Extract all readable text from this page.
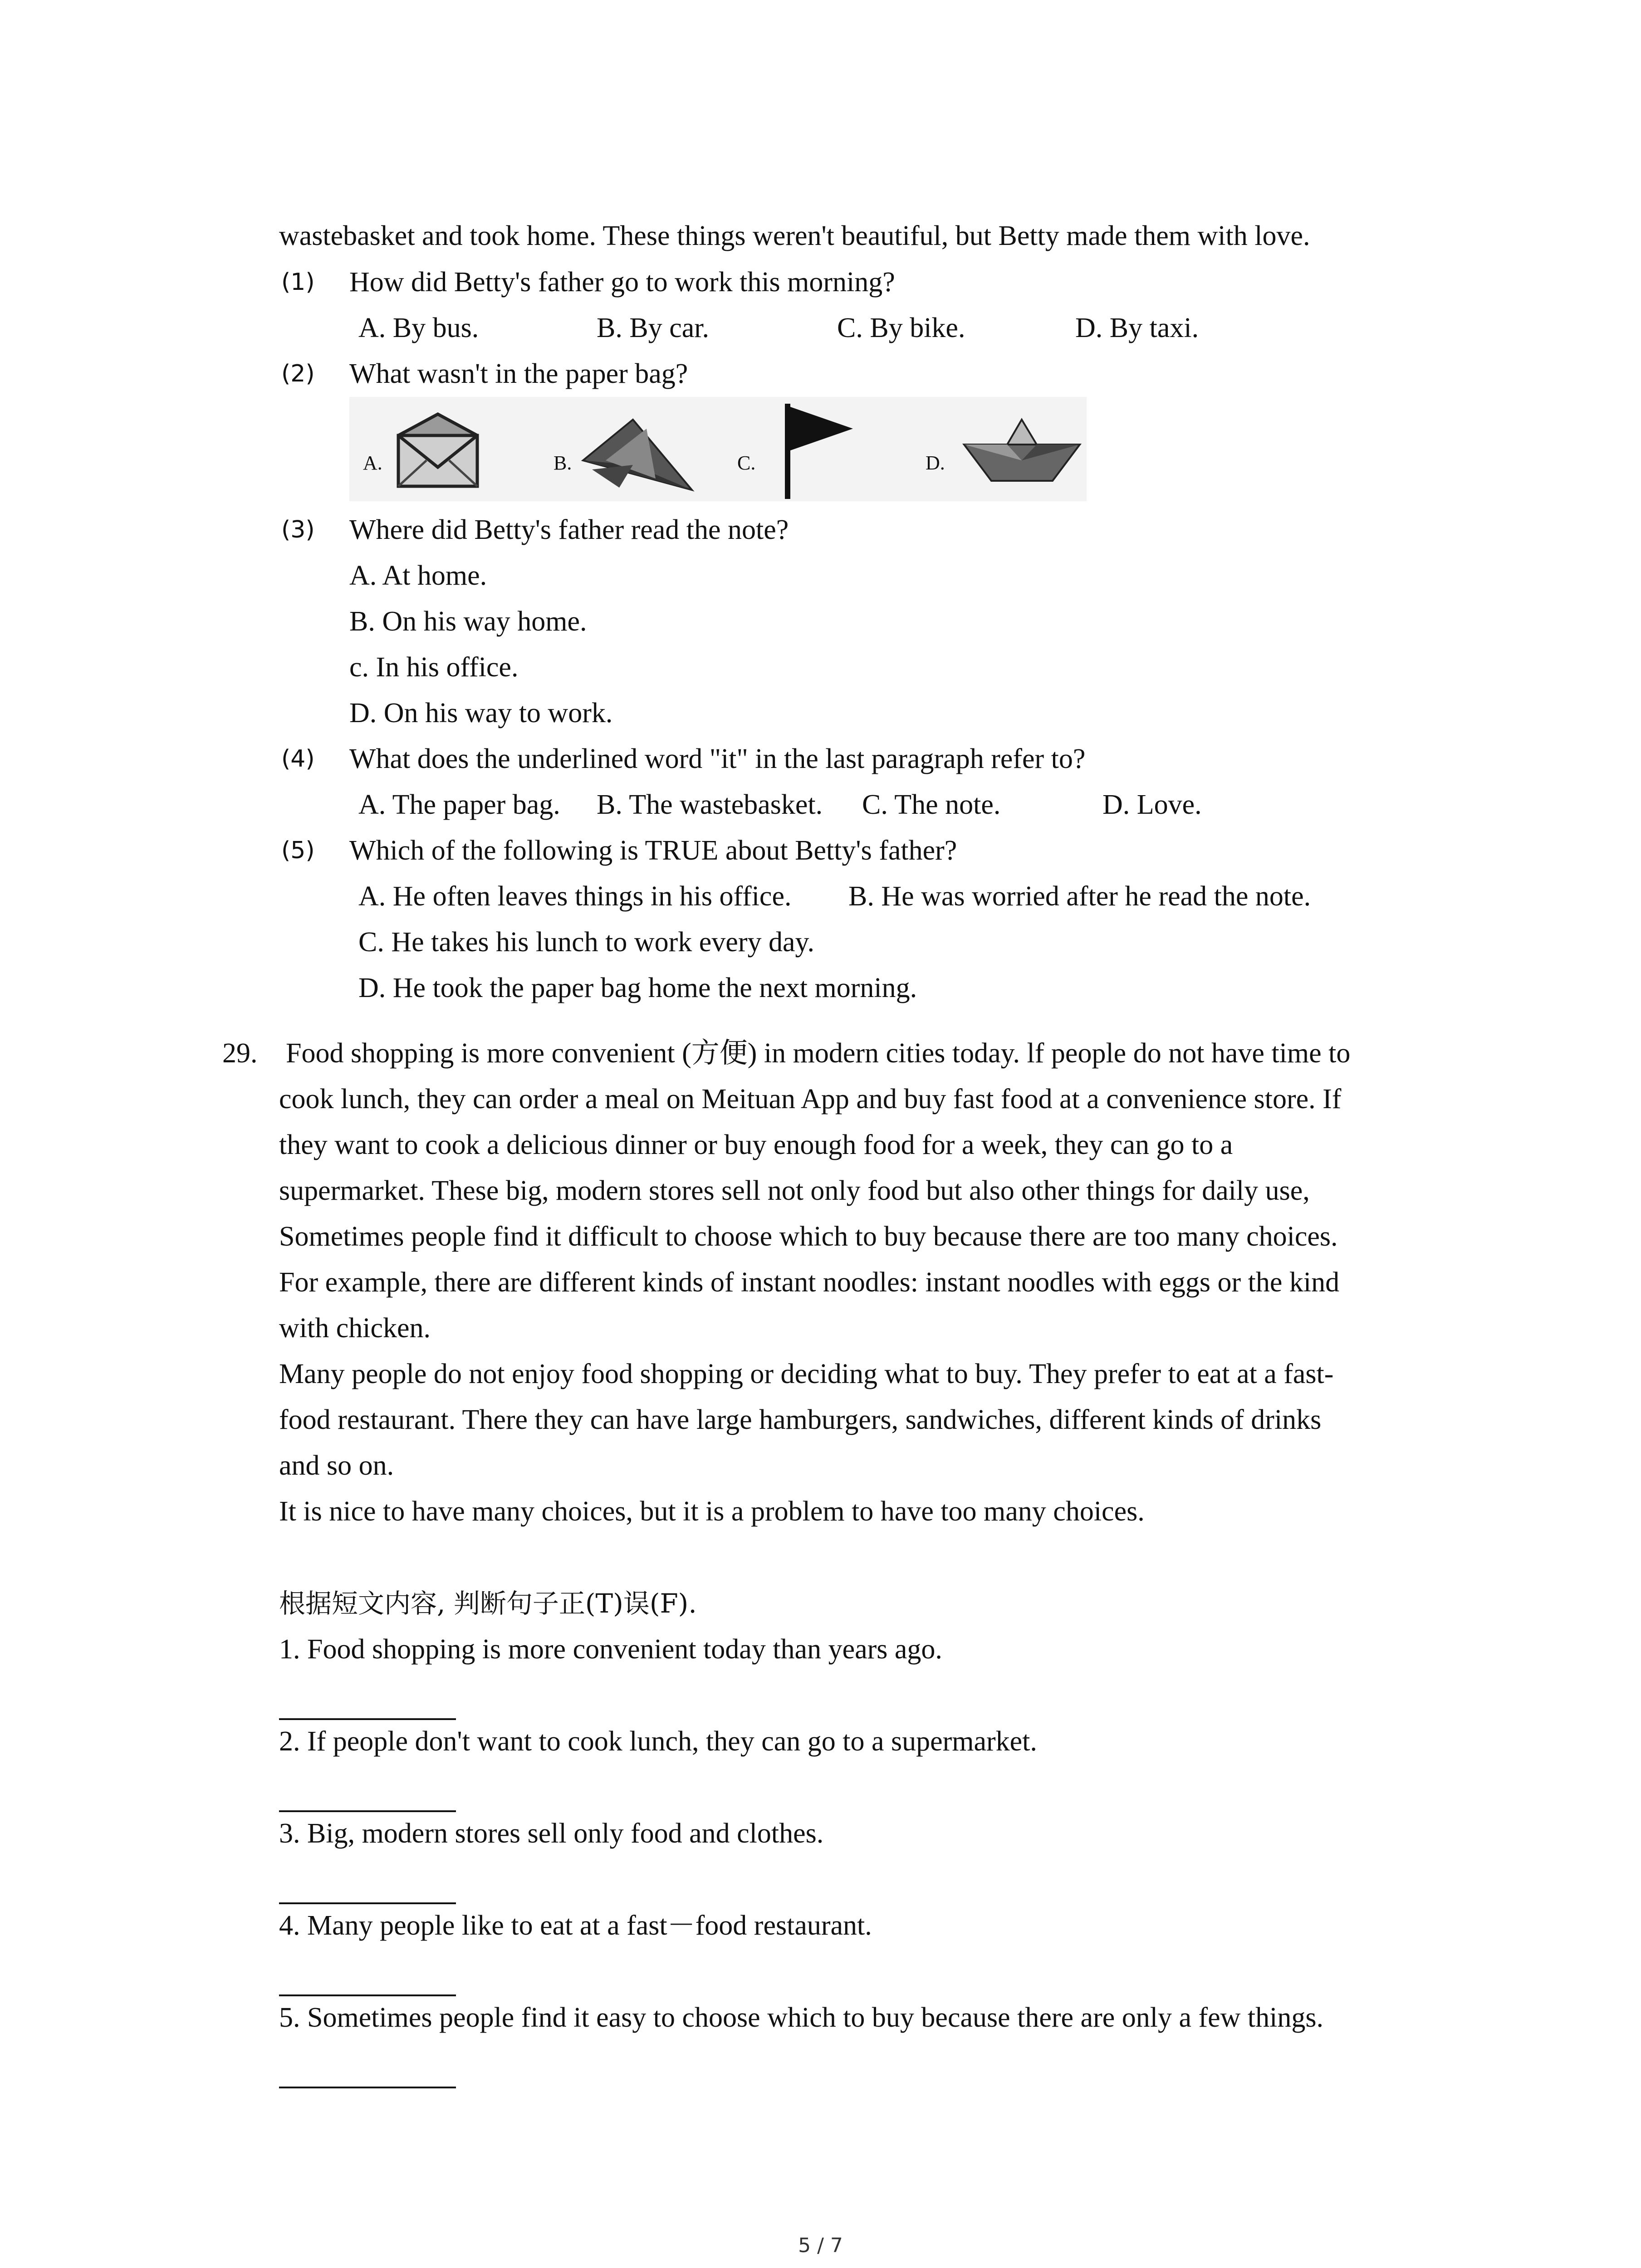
wastebasket and took home. These things weren't beautiful, but Betty made them with love.
(1) How did Betty's father go to work this morning?
A. By bus.	B. By car.	C. By bike.	D. By taxi.
(2) What wasn't in the paper bag?
A.	B.	C.	D.
(3) Where did Betty's father read the note?
A. At home.
B. On his way home.
c. In his office.
D. On his way to work.
(4) What does the underlined word "it" in the last paragraph refer to?
A. The paper bag. B. The wastebasket. C. The note.	D. Love.
(5) Which of the following is TRUE about Betty's father?
A. He often leaves things in his office. B. He was worried after he read the note.
C. He takes his lunch to work every day.
D. He took the paper bag home the next morning.
29. Food shopping is more convenient (方便) in modern cities today. lf people do not have time to
cook lunch, they can order a meal on Meituan App and buy fast food at a convenience store. If
they want to cook a delicious dinner or buy enough food for a week, they can go to a
supermarket. These big, modern stores sell not only food but also other things for daily use,
Sometimes people find it difficult to choose which to buy because there are too many choices.
For example, there are different kinds of instant noodles: instant noodles with eggs or the kind
with chicken.
Many people do not enjoy food shopping or deciding what to buy. They prefer to eat at a fast-
food restaurant. There they can have large hamburgers, sandwiches, different kinds of drinks
and so on.
It is nice to have many choices, but it is a problem to have too many choices.
根据短文内容, 判断句子正(T)误(F).
1. Food shopping is more convenient today than years ago.
2. If people don't want to cook lunch, they can go to a supermarket.
3. Big, modern stores sell only food and clothes.
4. Many people like to eat at a fast－food restaurant.
5. Sometimes people find it easy to choose which to buy because there are only a few things.
5 / 7
